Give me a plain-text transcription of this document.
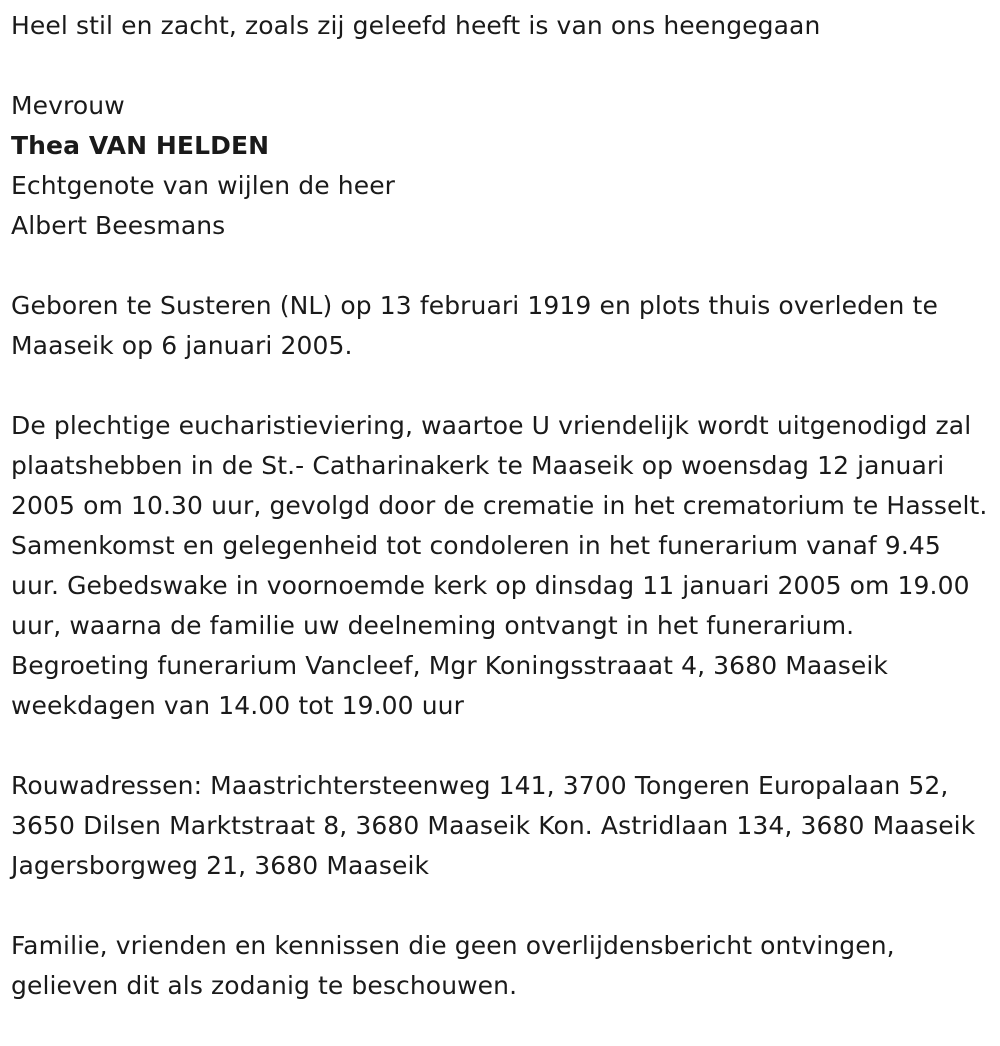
Heel stil en zacht, zoals zij geleefd heeft is van ons heengegaan
Mevrouw
Thea VAN HELDEN
Echtgenote van wijlen de heer
Albert Beesmans
Geboren te Susteren (NL) op 13 februari 1919 en plots thuis overleden te Maaseik op 6 januari 2005.
De plechtige eucharistieviering, waartoe U vriendelijk wordt uitgenodigd zal plaatshebben in de St.- Catharinakerk te Maaseik op woensdag 12 januari 2005 om 10.30 uur, gevolgd door de crematie in het crematorium te Hasselt. Samenkomst en gelegenheid tot condoleren in het funerarium vanaf 9.45 uur. Gebedswake in voornoemde kerk op dinsdag 11 januari 2005 om 19.00 uur, waarna de familie uw deelneming ontvangt in het funerarium. Begroeting funerarium Vancleef, Mgr Koningsstraaat 4, 3680 Maaseik weekdagen van 14.00 tot 19.00 uur
Rouwadressen: Maastrichtersteenweg 141, 3700 Tongeren Europalaan 52, 3650 Dilsen Marktstraat 8, 3680 Maaseik Kon. Astridlaan 134, 3680 Maaseik Jagersborgweg 21, 3680 Maaseik
Familie, vrienden en kennissen die geen overlijdensbericht ontvingen, gelieven dit als zodanig te beschouwen.
